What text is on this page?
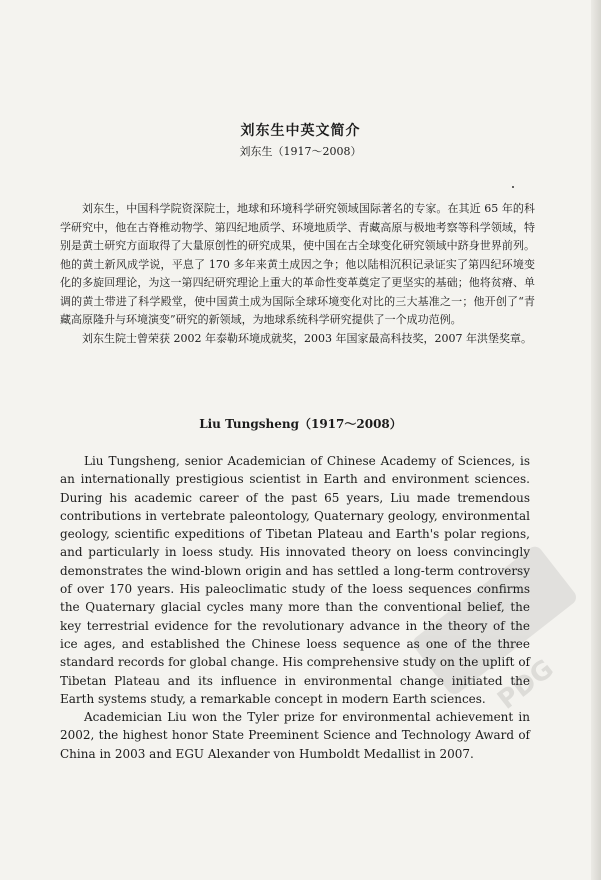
PDG
刘东生中英文简介
刘东生（1917～2008）

刘东生，中国科学院资深院士，地球和环境科学研究领域国际著名的专家。在其近 65 年的科学研究中，他在古脊椎动物学、第四纪地质学、环境地质学、青藏高原与极地考察等科学领域，特别是黄土研究方面取得了大量原创性的研究成果，使中国在古全球变化研究领域中跻身世界前列。他的黄土新风成学说，平息了 170 多年来黄土成因之争；他以陆相沉积记录证实了第四纪环境变化的多旋回理论，为这一第四纪研究理论上重大的革命性变革奠定了更坚实的基础；他将贫瘠、单调的黄土带进了科学殿堂，使中国黄土成为国际全球环境变化对比的三大基准之一；他开创了“青藏高原隆升与环境演变”研究的新领域，为地球系统科学研究提供了一个成功范例。

刘东生院士曾荣获 2002 年泰勒环境成就奖，2003 年国家最高科技奖，2007 年洪堡奖章。

Liu Tungsheng（1917～2008）

Liu Tungsheng, senior Academician of Chinese Academy of Sciences, is an internationally prestigious scientist in Earth and environment sciences. During his academic career of the past 65 years, Liu made tremendous contributions in vertebrate paleontology, Quaternary geology, environmental geology, scientific expeditions of Tibetan Plateau and Earth's polar regions, and particularly in loess study. His innovated theory on loess convincingly demonstrates the wind-blown origin and has settled a long-term controversy of over 170 years. His paleoclimatic study of the loess sequences confirms the Quaternary glacial cycles many more than the conventional belief, the key terrestrial evidence for the revolutionary advance in the theory of the ice ages, and established the Chinese loess sequence as one of the three standard records for global change. His comprehensive study on the uplift of Tibetan Plateau and its influence in environmental change initiated the Earth systems study, a remarkable concept in modern Earth sciences.

Academician Liu won the Tyler prize for environmental achievement in 2002, the highest honor State Preeminent Science and Technology Award of China in 2003 and EGU Alexander von Humboldt Medallist in 2007.
